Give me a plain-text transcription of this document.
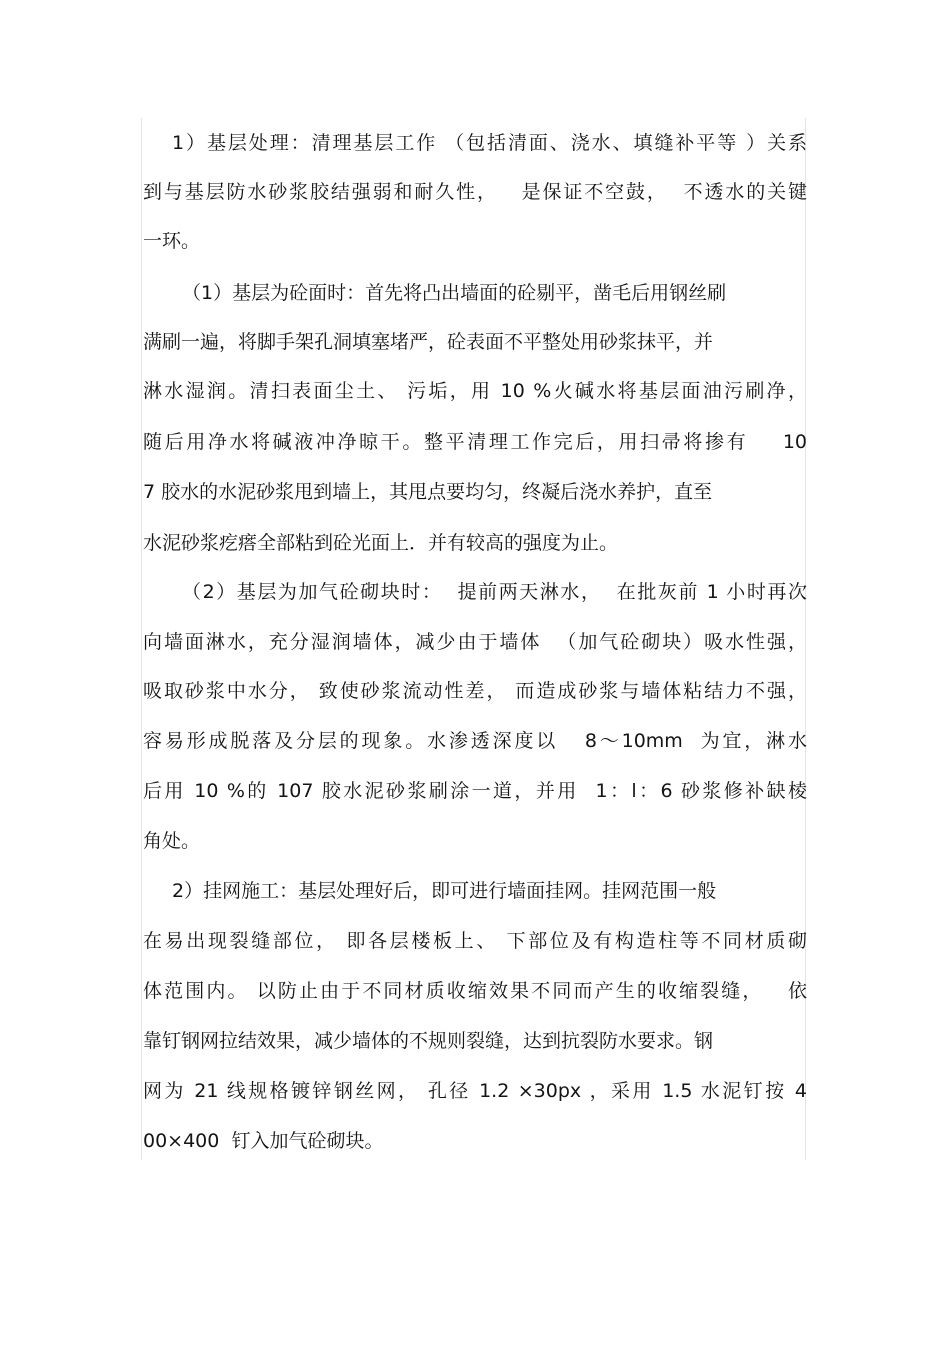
1）基层处理：清理基层工作 （包括清面、浇水、填缝补平等 ）关系
到与基层防水砂浆胶结强弱和耐久性，   是保证不空鼓，  不透水的关键
一环。
（1）基层为砼面时：首先将凸出墙面的砼剔平，凿毛后用钢丝刷
满刷一遍，将脚手架孔洞填塞堵严，砼表面不平整处用砂浆抹平，并
淋水湿润。清扫表面尘土、 污垢，用 10 %火碱水将基层面油污刷净，
随后用净水将碱液冲净晾干。整平清理工作完后，用扫帚将掺有    10
7 胶水的水泥砂浆甩到墙上，其甩点要均匀，终凝后浇水养护，直至
水泥砂浆疙瘩全部粘到砼光面上．并有较高的强度为止。
（2）基层为加气砼砌块时：  提前两天淋水，  在批灰前 1 小时再次
向墙面淋水，充分湿润墙体，减少由于墙体  （加气砼砌块）吸水性强，
吸取砂浆中水分， 致使砂浆流动性差， 而造成砂浆与墙体粘结力不强，
容易形成脱落及分层的现象。水渗透深度以   8～10mm  为宜，淋水
后用 10 %的 107 胶水泥砂浆刷涂一道，并用  1：l：6 砂浆修补缺棱
角处。
2）挂网施工：基层处理好后，即可进行墙面挂网。挂网范围一般
在易出现裂缝部位， 即各层楼板上、 下部位及有构造柱等不同材质砌
体范围内。 以防止由于不同材质收缩效果不同而产生的收缩裂缝，   依
靠钉钢网拉结效果，减少墙体的不规则裂缝，达到抗裂防水要求。钢
网为 21 线规格镀锌钢丝网， 孔径 1.2 ×30px ，采用 1.5 水泥钉按 4
00×400  钉入加气砼砌块。
